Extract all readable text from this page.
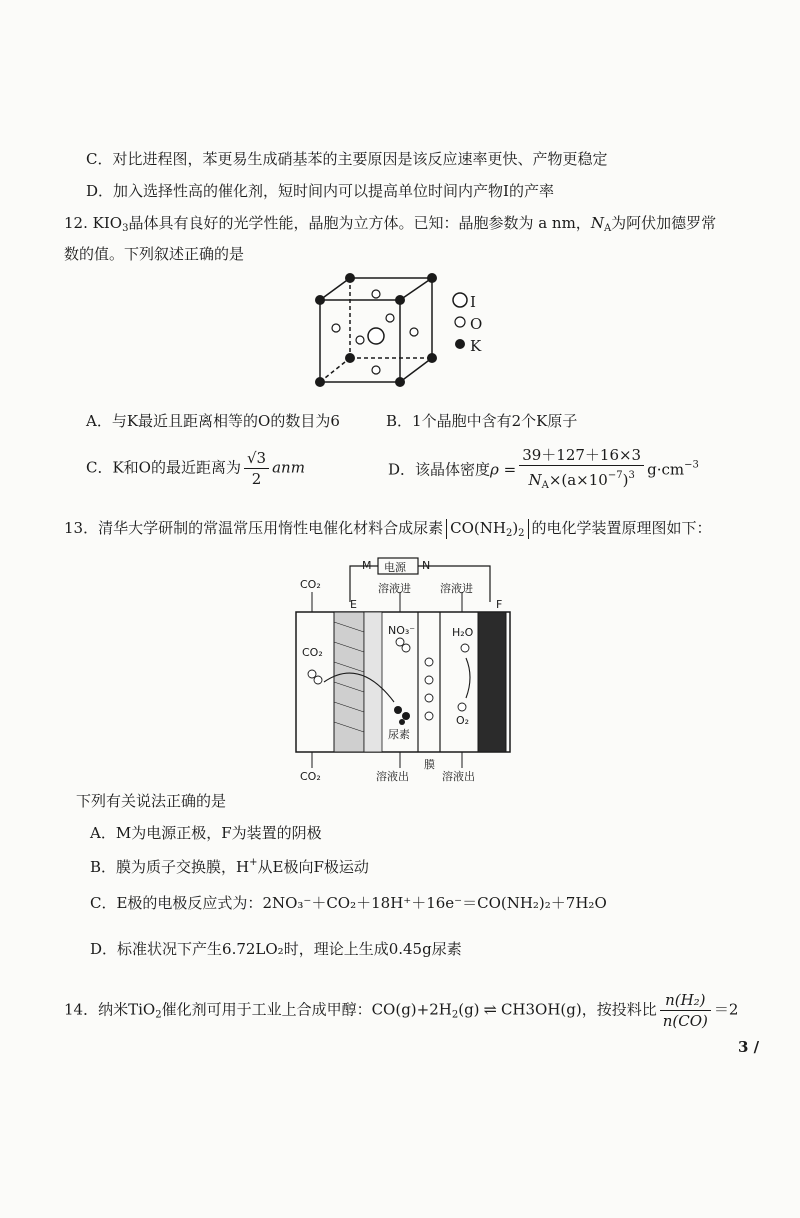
C．对比进程图，苯更易生成硝基苯的主要原因是该反应速率更快、产物更稳定
D．加入选择性高的催化剂，短时间内可以提高单位时间内产物I的产率
12. $KIO_3$晶体具有良好的光学性能，晶胞为立方体。已知：晶胞参数为 a nm，$N_A$为阿伏加德罗常
数的值。下列叙述正确的是
I
O
K
A．与K最近且距离相等的O的数目为6	B．1个晶胞中含有2个K原子
C．K和O的最近距离为 $\frac{√3}{2}$ anm	D．该晶体密度$\rho = \frac{39+127+16\times 3}{N_A\times(a\times 10^{-7})^3} g\cdot cm^{-3}$
13．清华大学研制的常温常压用惰性电催化材料合成尿素 $CO(NH_2)_2$ 的电化学装置原理图如下：
电源
M	N
CO₂
E
溶液进	溶液进
F
CO₂
NO₃⁻	H₂O
尿素
O₂
CO₂	溶液出
膜
溶液出
下列有关说法正确的是
A．M为电源正极，F为装置的阴极
B．膜为质子交换膜，H+从E极向F极运动
C．E极的电极反应式为：2NO₃⁻＋CO₂＋18H⁺＋16e⁻＝CO(NH₂)₂＋7H₂O
D．标准状况下产生6.72LO₂时，理论上生成0.45g尿素
14．纳米TiO$_2$催化剂可用于工业上合成甲醇：$CO(g)+2H_2(g)$ ⇌ CH3OH(g)，按投料比 $\frac{\text{n(H₂)}}{n(CO)} =2$
3 /
